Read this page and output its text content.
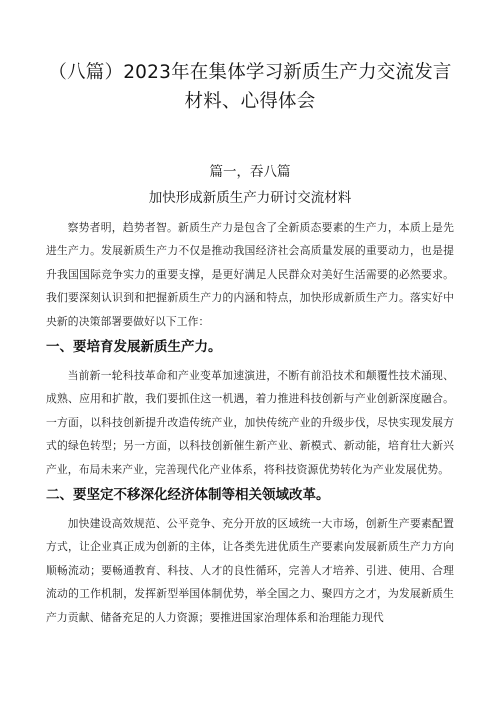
（八篇）2023年在集体学习新质生产力交流发言材料、心得体会
篇一，吞八篇
加快形成新质生产力研讨交流材料

察势者明，趋势者智。新质生产力是包含了全新质态要素的生产力，本质上是先进生产力。发展新质生产力不仅是推动我国经济社会高质量发展的重要动力，也是提升我国国际竞争实力的重要支撑，是更好满足人民群众对美好生活需要的必然要求。我们要深刻认识到和把握新质生产力的内涵和特点，加快形成新质生产力。落实好中央新的决策部署要做好以下工作：

一、要培育发展新质生产力。

当前新一轮科技革命和产业变革加速演进，不断有前沿技术和颠覆性技术涌现、成熟、应用和扩散，我们要抓住这一机遇，着力推进科技创新与产业创新深度融合。一方面，以科技创新提升改造传统产业，加快传统产业的升级步伐，尽快实现发展方式的绿色转型；另一方面，以科技创新催生新产业、新模式、新动能，培育壮大新兴产业，布局未来产业，完善现代化产业体系，将科技资源优势转化为产业发展优势。

二、要坚定不移深化经济体制等相关领域改革。

加快建设高效规范、公平竞争、充分开放的区域统一大市场，创新生产要素配置方式，让企业真正成为创新的主体，让各类先进优质生产要素向发展新质生产力方向顺畅流动；要畅通教育、科技、人才的良性循环，完善人才培养、引进、使用、合理流动的工作机制，发挥新型举国体制优势，举全国之力、聚四方之才，为发展新质生产力贡献、储备充足的人力资源；要推进国家治理体系和治理能力现代
